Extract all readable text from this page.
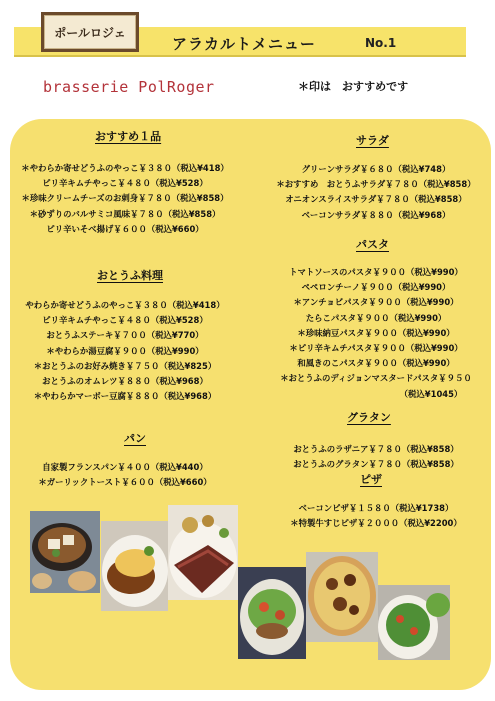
ポールロジェ
アラカルトメニュー	No.1
brasserie PolRoger	＊印は　おすすめです
おすすめ１品
＊やわらか寄せどうふのやっこ￥３８０（税込¥418）
ピリ辛キムチやっこ￥４８０（税込¥528）
＊珍味クリームチーズのお刺身￥７８０（税込¥858）
＊砂ずりのバルサミコ風味￥７８０（税込¥858）
ピリ辛いそべ揚げ￥６００（税込¥660）
おとうふ料理
やわらか寄せどうふのやっこ￥３８０（税込¥418）
ピリ辛キムチやっこ￥４８０（税込¥528）
おとうふステーキ￥７００（税込¥770）
＊やわらか湯豆腐￥９００（税込¥990）
＊おとうふのお好み焼き￥７５０（税込¥825）
おとうふのオムレツ￥８８０（税込¥968）
＊やわらかマーボー豆腐￥８８０（税込¥968）
パン
自家製フランスパン￥４００（税込¥440）
＊ガーリックトースト￥６００（税込¥660）
サラダ
グリーンサラダ￥６８０（税込¥748）
＊おすすめ　おとうふサラダ￥７８０（税込¥858）
オニオンスライスサラダ￥７８０（税込¥858）
ベーコンサラダ￥８８０（税込¥968）
パスタ
トマトソースのパスタ￥９００（税込¥990）
ペペロンチーノ￥９００（税込¥990）
＊アンチョビパスタ￥９００（税込¥990）
たらこパスタ￥９００（税込¥990）
＊珍味納豆パスタ￥９００（税込¥990）
＊ピリ辛キムチパスタ￥９００（税込¥990）
和風きのこパスタ￥９００（税込¥990）
＊おとうふのディジョンマスタードパスタ￥９５０
（税込¥1045）
グラタン
おとうふのラザニア￥７８０（税込¥858）
おとうふのグラタン￥７８０（税込¥858）
ピザ
ベーコンピザ￥１５８０（税込¥1738）
＊特製牛すじピザ￥２０００（税込¥2200）
